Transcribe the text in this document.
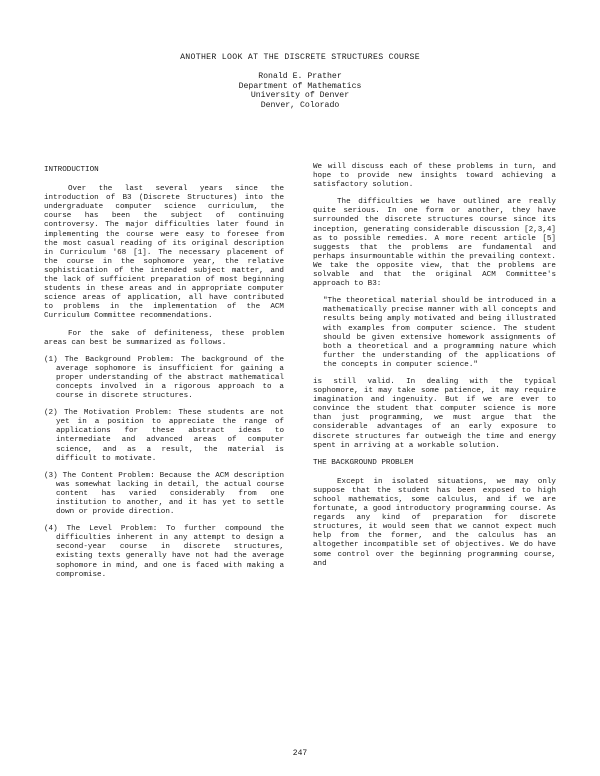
ANOTHER LOOK AT THE DISCRETE STRUCTURES COURSE
Ronald E. Prather
Department of Mathematics
University of Denver
Denver, Colorado
INTRODUCTION

Over the last several years since the introduction of B3 (Discrete Structures) into the undergraduate computer science curriculum, the course has been the subject of continuing controversy. The major difficulties later found in implementing the course were easy to foresee from the most casual reading of its original description in Curriculum '68 [1]. The necessary placement of the course in the sophomore year, the relative sophistication of the intended subject matter, and the lack of sufficient preparation of most beginning students in these areas and in appropriate computer science areas of application, all have contributed to problems in the implementation of the ACM Curriculum Committee recommendations.

For the sake of definiteness, these problem areas can best be summarized as follows.

(1) The Background Problem: The background of the average sophomore is insufficient for gaining a proper understanding of the abstract mathematical concepts involved in a rigorous approach to a course in discrete structures.

(2) The Motivation Problem: These students are not yet in a position to appreciate the range of applications for these abstract ideas to intermediate and advanced areas of computer science, and as a result, the material is difficult to motivate.

(3) The Content Problem: Because the ACM description was somewhat lacking in detail, the actual course content has varied considerably from one institution to another, and it has yet to settle down or provide direction.

(4) The Level Problem: To further compound the difficulties inherent in any attempt to design a second-year course in discrete structures, existing texts generally have not had the average sophomore in mind, and one is faced with making a compromise.

We will discuss each of these problems in turn, and hope to provide new insights toward achieving a satisfactory solution.

The difficulties we have outlined are really quite serious. In one form or another, they have surrounded the discrete structures course since its inception, generating considerable discussion [2,3,4] as to possible remedies. A more recent article [5] suggests that the problems are fundamental and perhaps insurmountable within the prevailing context. We take the opposite view, that the problems are solvable and that the original ACM Committee's approach to B3:

"The theoretical material should be introduced in a mathematically precise manner with all concepts and results being amply motivated and being illustrated with examples from computer science. The student should be given extensive homework assignments of both a theoretical and a programming nature which further the understanding of the applications of the concepts in computer science."

is still valid. In dealing with the typical sophomore, it may take some patience, it may require imagination and ingenuity. But if we are ever to convince the student that computer science is more than just programming, we must argue that the considerable advantages of an early exposure to discrete structures far outweigh the time and energy spent in arriving at a workable solution.

THE BACKGROUND PROBLEM

Except in isolated situations, we may only suppose that the student has been exposed to high school mathematics, some calculus, and if we are fortunate, a good introductory programming course. As regards any kind of preparation for discrete structures, it would seem that we cannot expect much help from the former, and the calculus has an altogether incompatible set of objectives. We do have some control over the beginning programming course, and

247
